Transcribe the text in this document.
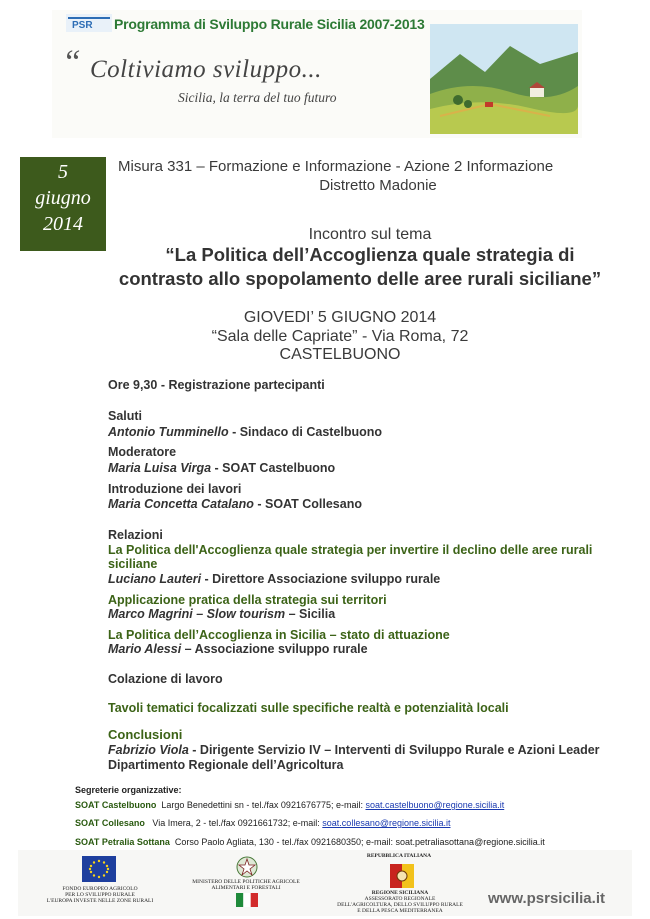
PSR Programma di Sviluppo Rurale Sicilia 2007-2013
“ Coltiviamo sviluppo...
Sicilia, la terra del tuo futuro
5
giugno
2014
Misura 331 – Formazione e Informazione - Azione 2 Informazione
Distretto Madonie
Incontro sul tema
“La Politica dell’Accoglienza quale strategia di
contrasto allo spopolamento delle aree rurali siciliane”
GIOVEDI’ 5 GIUGNO 2014
“Sala delle Capriate” - Via Roma, 72
CASTELBUONO
Ore 9,30 - Registrazione partecipanti
Saluti
Antonio Tumminello - Sindaco di Castelbuono
Moderatore
Maria Luisa Virga - SOAT Castelbuono
Introduzione dei lavori
Maria Concetta Catalano - SOAT Collesano
Relazioni
La Politica dell'Accoglienza quale strategia per invertire il declino delle aree rurali
siciliane
Luciano Lauteri - Direttore Associazione sviluppo rurale
Applicazione pratica della strategia sui territori
Marco Magrini – Slow tourism – Sicilia
La Politica dell’Accoglienza in Sicilia – stato di attuazione
Mario Alessi – Associazione sviluppo rurale
Colazione di lavoro
Tavoli tematici focalizzati sulle specifiche realtà e potenzialità locali
Conclusioni
Fabrizio Viola - Dirigente Servizio IV – Interventi di Sviluppo Rurale e Azioni Leader
Dipartimento Regionale dell’Agricoltura
Segreterie organizzative:
SOAT Castelbuono Largo Benedettini sn - tel./fax 0921676775; e-mail: soat.castelbuono@regione.sicilia.it
SOAT Collesano Via Imera, 2 - tel./fax 0921661732; e-mail: soat.collesano@regione.sicilia.it
SOAT Petralia Sottana Corso Paolo Agliata, 130 - tel./fax 0921680350; e-mail: soat.petraliasottana@regione.sicilia.it
FONDO EUROPEO AGRICOLO
PER LO SVILUPPO RURALE
L'EUROPA INVESTE NELLE ZONE RURALI
MINISTERO DELLE POLITICHE AGRICOLE
ALIMENTARI E FORESTALI
REPUBBLICA ITALIANA
REGIONE SICILIANA
ASSESSORATO REGIONALE
DELL'AGRICOLTURA, DELLO SVILUPPO RURALE
E DELLA PESCA MEDITERRANEA
www.psrsicilia.it
